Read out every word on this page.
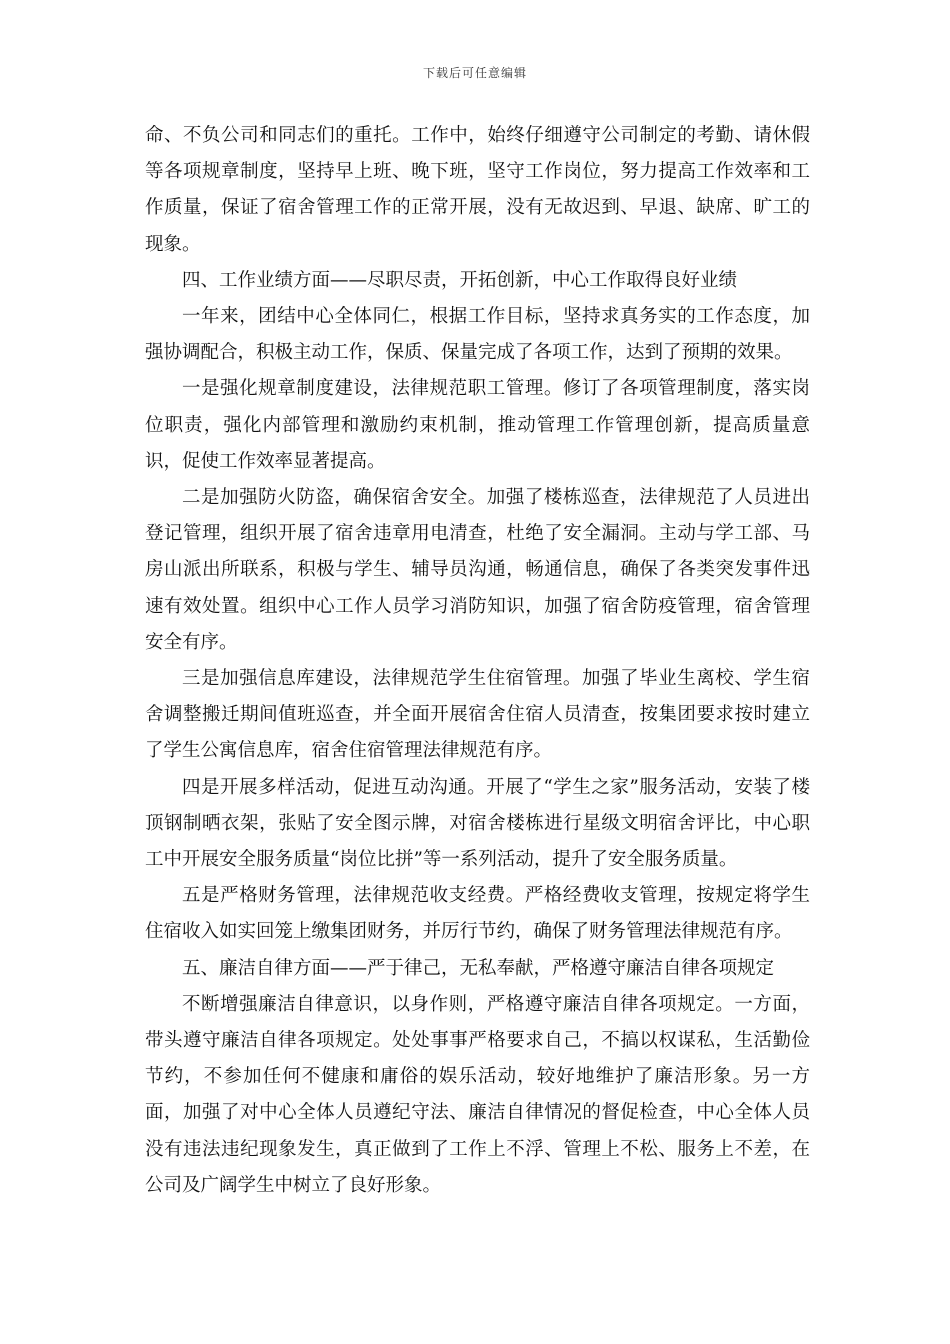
下载后可任意编辑

命、不负公司和同志们的重托。工作中，始终仔细遵守公司制定的考勤、请休假等各项规章制度，坚持早上班、晚下班，坚守工作岗位，努力提高工作效率和工作质量，保证了宿舍管理工作的正常开展，没有无故迟到、早退、缺席、旷工的现象。

四、工作业绩方面——尽职尽责，开拓创新，中心工作取得良好业绩

一年来，团结中心全体同仁，根据工作目标，坚持求真务实的工作态度，加强协调配合，积极主动工作，保质、保量完成了各项工作，达到了预期的效果。

一是强化规章制度建设，法律规范职工管理。修订了各项管理制度，落实岗位职责，强化内部管理和激励约束机制，推动管理工作管理创新，提高质量意识，促使工作效率显著提高。

二是加强防火防盗，确保宿舍安全。加强了楼栋巡查，法律规范了人员进出登记管理，组织开展了宿舍违章用电清查，杜绝了安全漏洞。主动与学工部、马房山派出所联系，积极与学生、辅导员沟通，畅通信息，确保了各类突发事件迅速有效处置。组织中心工作人员学习消防知识，加强了宿舍防疫管理，宿舍管理安全有序。

三是加强信息库建设，法律规范学生住宿管理。加强了毕业生离校、学生宿舍调整搬迁期间值班巡查，并全面开展宿舍住宿人员清查，按集团要求按时建立了学生公寓信息库，宿舍住宿管理法律规范有序。

四是开展多样活动，促进互动沟通。开展了“学生之家”服务活动，安装了楼顶钢制晒衣架，张贴了安全图示牌，对宿舍楼栋进行星级文明宿舍评比，中心职工中开展安全服务质量“岗位比拼”等一系列活动，提升了安全服务质量。

五是严格财务管理，法律规范收支经费。严格经费收支管理，按规定将学生住宿收入如实回笼上缴集团财务，并厉行节约，确保了财务管理法律规范有序。

五、廉洁自律方面——严于律己，无私奉献，严格遵守廉洁自律各项规定

不断增强廉洁自律意识，以身作则，严格遵守廉洁自律各项规定。一方面，带头遵守廉洁自律各项规定。处处事事严格要求自己，不搞以权谋私，生活勤俭节约，不参加任何不健康和庸俗的娱乐活动，较好地维护了廉洁形象。另一方面，加强了对中心全体人员遵纪守法、廉洁自律情况的督促检查，中心全体人员没有违法违纪现象发生，真正做到了工作上不浮、管理上不松、服务上不差，在公司及广阔学生中树立了良好形象。
